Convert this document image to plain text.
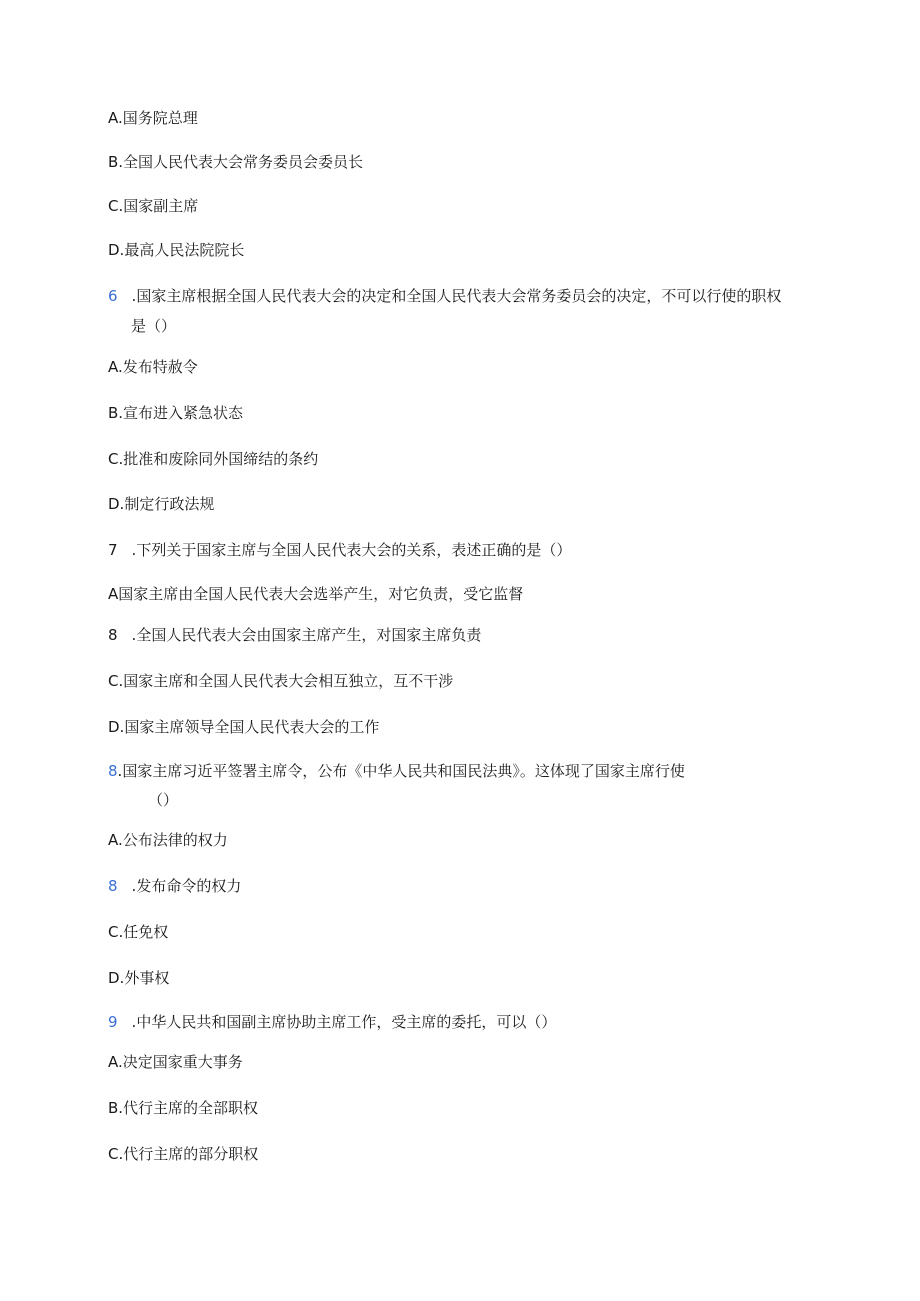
A.国务院总理
B.全国人民代表大会常务委员会委员长
C.国家副主席
D.最高人民法院院长
6 .国家主席根据全国人民代表大会的决定和全国人民代表大会常务委员会的决定，不可以行使的职权
是（）
A.发布特赦令
B.宣布进入紧急状态
C.批准和废除同外国缔结的条约
D.制定行政法规
7 .下列关于国家主席与全国人民代表大会的关系，表述正确的是（）
A国家主席由全国人民代表大会选举产生，对它负责，受它监督
8 .全国人民代表大会由国家主席产生，对国家主席负责
C.国家主席和全国人民代表大会相互独立，互不干涉
D.国家主席领导全国人民代表大会的工作
8.国家主席习近平签署主席令，公布《中华人民共和国民法典》。这体现了国家主席行使
（）
A.公布法律的权力
8 .发布命令的权力
C.任免权
D.外事权
9 .中华人民共和国副主席协助主席工作，受主席的委托，可以（）
A.决定国家重大事务
B.代行主席的全部职权
C.代行主席的部分职权
